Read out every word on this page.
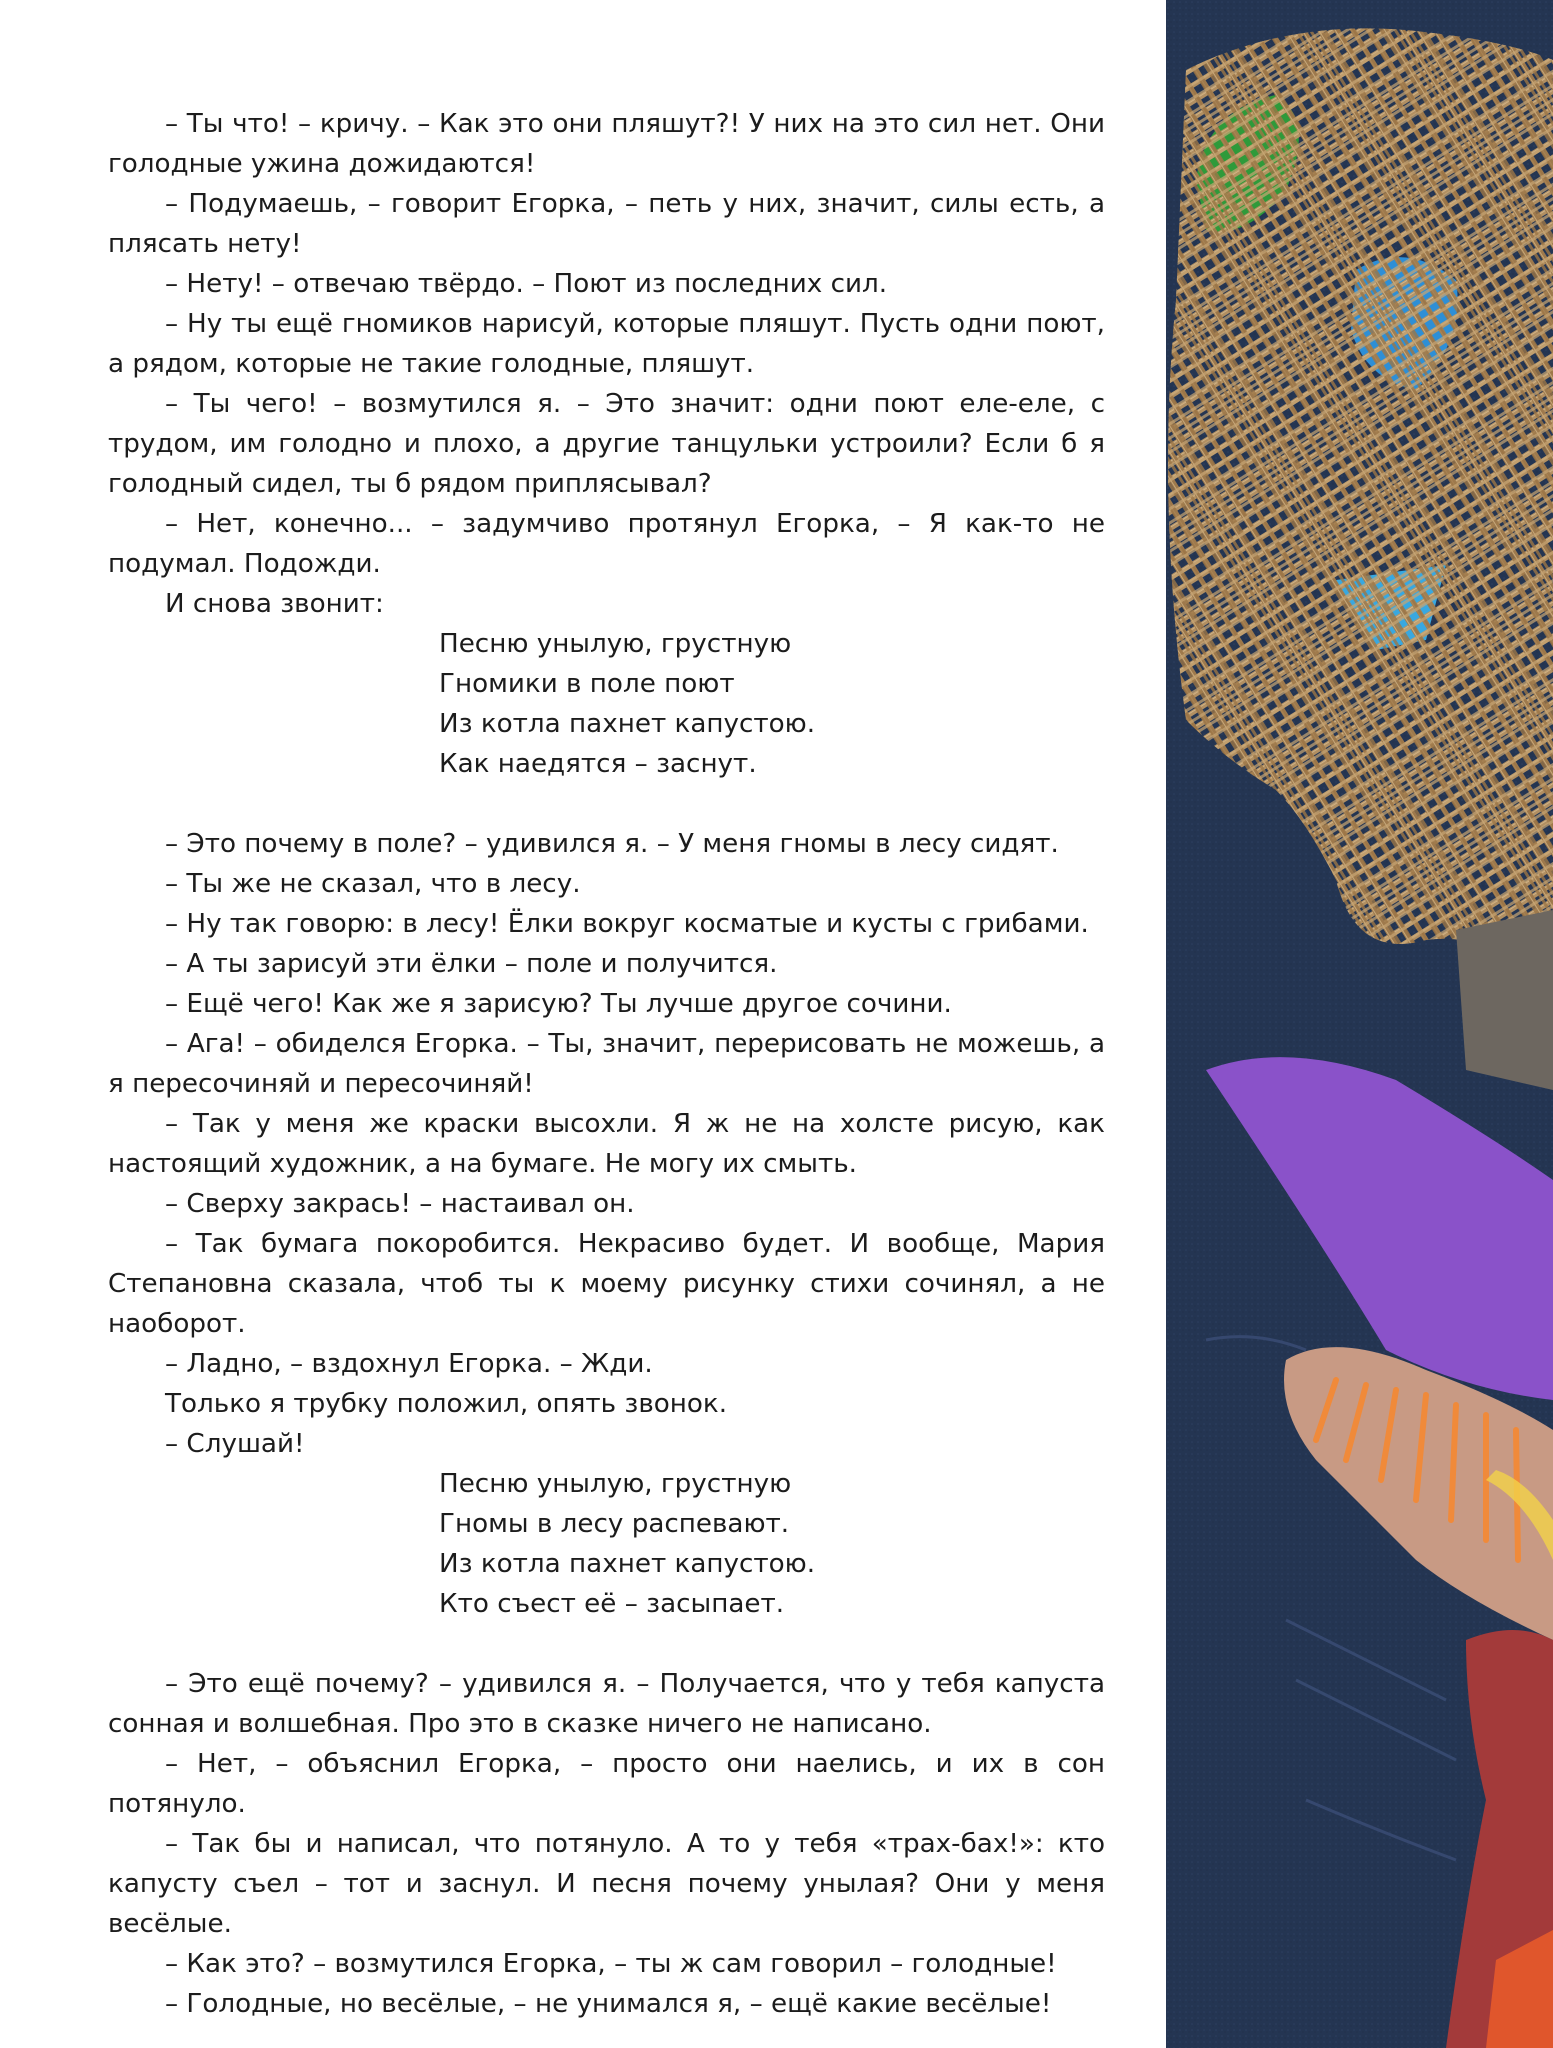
– Ты что! – кричу. – Как это они пляшут?! У них на это сил нет. Они голодные ужина дожидаются!

– Подумаешь, – говорит Егорка, – петь у них, значит, силы есть, а плясать нету!

– Нету! – отвечаю твёрдо. – Поют из последних сил.

– Ну ты ещё гномиков нарисуй, которые пляшут. Пусть одни поют, а рядом, которые не такие голодные, пляшут.

– Ты чего! – возмутился я. – Это значит: одни поют еле-еле, с трудом, им голодно и плохо, а другие танцульки устроили? Если б я голодный сидел, ты б рядом приплясывал?

– Нет, конечно... – задумчиво протянул Егорка, – Я как-то не подумал. Подожди.

И снова звонит:

Песню унылую, грустную
Гномики в поле поют
Из котла пахнет капустою.
Как наедятся – заснут.

– Это почему в поле? – удивился я. – У меня гномы в лесу сидят.

– Ты же не сказал, что в лесу.

– Ну так говорю: в лесу! Ёлки вокруг косматые и кусты с грибами.

– А ты зарисуй эти ёлки – поле и получится.

– Ещё чего! Как же я зарисую? Ты лучше другое сочини.

– Ага! – обиделся Егорка. – Ты, значит, перерисовать не можешь, а я пересочиняй и пересочиняй!

– Так у меня же краски высохли. Я ж не на холсте рисую, как настоящий художник, а на бумаге. Не могу их смыть.

– Сверху закрась! – настаивал он.

– Так бумага покоробится. Некрасиво будет. И вообще, Мария Степановна сказала, чтоб ты к моему рисунку стихи сочинял, а не наоборот.

– Ладно, – вздохнул Егорка. – Жди.

Только я трубку положил, опять звонок.

– Слушай!

Песню унылую, грустную
Гномы в лесу распевают.
Из котла пахнет капустою.
Кто съест её – засыпает.

– Это ещё почему? – удивился я. – Получается, что у тебя капуста сонная и волшебная. Про это в сказке ничего не написано.

– Нет, – объяснил Егорка, – просто они наелись, и их в сон потянуло.

– Так бы и написал, что потянуло. А то у тебя «трах-бах!»: кто капусту съел – тот и заснул. И песня почему унылая? Они у меня весёлые.

– Как это? – возмутился Егорка, – ты ж сам говорил – голодные!

– Голодные, но весёлые, – не унимался я, – ещё какие весёлые!
